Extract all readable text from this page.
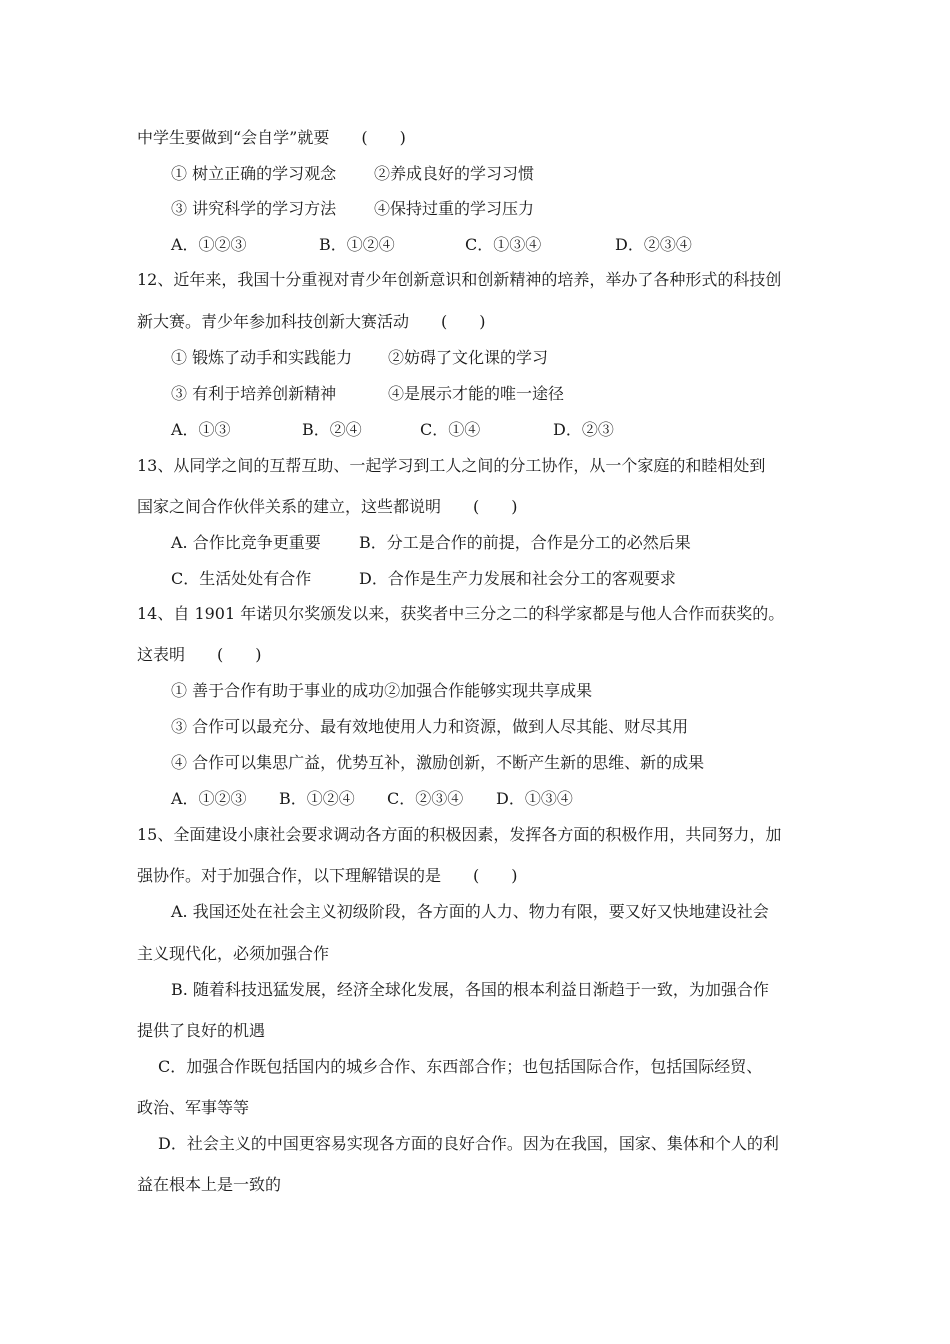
中学生要做到“会自学”就要　　(　　)

① 树立正确的学习观念 ②养成良好的学习习惯

③ 讲究科学的学习方法 ④保持过重的学习压力

A．①②③	B．①②④	C．①③④	D．②③④

12、近年来，我国十分重视对青少年创新意识和创新精神的培养，举办了各种形式的科技创

新大赛。青少年参加科技创新大赛活动　　(　　)

① 锻炼了动手和实践能力 ②妨碍了文化课的学习

③ 有利于培养创新精神	④是展示才能的唯一途径

A．①③	B．②④	C．①④	D．②③

13、从同学之间的互帮互助、一起学习到工人之间的分工协作，从一个家庭的和睦相处到

国家之间合作伙伴关系的建立，这些都说明　　(　　)

A. 合作比竞争更重要 B．分工是合作的前提，合作是分工的必然后果

C．生活处处有合作	D．合作是生产力发展和社会分工的客观要求

14、自 1901 年诺贝尔奖颁发以来，获奖者中三分之二的科学家都是与他人合作而获奖的。

这表明　　(　　)

① 善于合作有助于事业的成功②加强合作能够实现共享成果

③ 合作可以最充分、最有效地使用人力和资源，做到人尽其能、财尽其用

④ 合作可以集思广益，优势互补，激励创新，不断产生新的思维、新的成果

A．①②③ B．①②④ C．②③④ D．①③④

15、全面建设小康社会要求调动各方面的积极因素，发挥各方面的积极作用，共同努力，加

强协作。对于加强合作，以下理解错误的是　　(　　)

A. 我国还处在社会主义初级阶段，各方面的人力、物力有限，要又好又快地建设社会

主义现代化，必须加强合作

B. 随着科技迅猛发展，经济全球化发展，各国的根本利益日渐趋于一致，为加强合作

提供了良好的机遇

C．加强合作既包括国内的城乡合作、东西部合作；也包括国际合作，包括国际经贸、

政治、军事等等

D．社会主义的中国更容易实现各方面的良好合作。因为在我国，国家、集体和个人的利

益在根本上是一致的
